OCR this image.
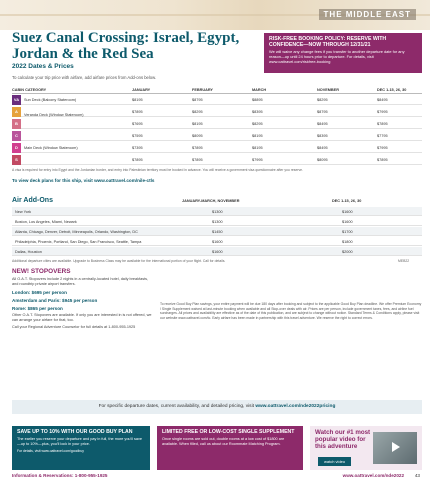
THE MIDDLE EAST
Suez Canal Crossing: Israel, Egypt, Jordan & the Red Sea
2022 Dates & Prices
To calculate your trip price with airfare, add airfare prices from Add-ons below.
RISK-FREE BOOKING POLICY: RESERVE WITH CONFIDENCE—NOW THROUGH 12/31/21
We will waive any change fees if you transfer to another departure date for any reason—up until 24 hours prior to departure. For details, visit www.oattravel.com/riskfree-booking
CABIN CATEGORY	JANUARY	FEBRUARY	MARCH	NOVEMBER	DEC 1-15, 26, 30
VA	Sun Deck (Balcony Stateroom)	$8195	$8795	$8895	$8295	$8495
A	$7895	$8295	$8395	$8795	$7995
B	$7695	$8195	$8295	$8495	$7895
Veranda Deck (Window Stateroom)
C	$7595	$8095	$8195	$8395	$7795
D	Main Deck (Window Stateroom)	$7395	$7895	$8195	$8495	$7995
S	$7895	$7895	$7995	$8095	$7895
A visa is required for entry into Egypt and the Jordanian border, and entry into Palestinian territory must be booked in advance. You will receive a government visa questionnaire after you reserve.
To view deck plans for this ship, visit www.oattravel.com/nile-ctls
Air Add-Ons	JANUARY-MARCH, NOVEMBER	DEC 1-15, 26, 30
New York	$1300	$1600
Boston, Los Angeles, Miami, Newark	$1300	$1600
Atlanta, Chicago, Denver, Detroit, Minneapolis, Orlando, Washington, DC	$1450	$1700
Philadelphia, Phoenix, Portland, San Diego, San Francisco, Seattle, Tampa	$1600	$1800
Dallas, Houston	$1600	$2000
Additional departure cities are available. Upgrade to Business Class may be available for the international portion of your flight. Call for details.	MEB22
NEW! STOPOVERS
All O.A.T. Stopovers include 2 nights in a centrally-located hotel, daily breakfasts, and roundtrip private airport transfers.
London: $695 per person
Amsterdam and Paris: $945 per person
Rome: $865 per person
Other O.A.T. Stopovers are available. If only you are interested in is not offered, we can arrange your airfare for that, too.
Call your Regional Adventure Counselor for full details at 1-800-955-1925
To receive Good Buy Plan savings, your entire payment will be due 180 days after booking and subject to the applicable Good Buy Plan deadline. We offer Premium Economy / Single Supplement waived at last-minute booking when available and all Stop-over deals with air. Prices are per person, include government taxes, fees, and airline fuel surcharges. All prices and availability are effective as of the date of this publication, and are subject to change without notice. Standard Terms & Conditions apply, please visit our website www.oattravel.com/tc. Early airfare has been made in partnership with this travel adventure. We reserve the right to correct errors.
For specific departure dates, current availability, and detailed pricing, visit www.oattravel.com/nde2022pricing
SAVE UP TO 10% WITH OUR GOOD BUY PLAN
The earlier you reserve your departure and pay in full, the more you'll save—up to 10%—plus, you'll lock in your price.
For details, visit www.oattravel.com/goodbuy
LIMITED FREE OR LOW-COST SINGLE SUPPLEMENT
Once single rooms are sold out, double rooms at a low cost of $1800 are available. When filled, call us about our Roommate Matching Program.
Watch our #1 most popular video for this adventure
watch video
Information & Reservations: 1-800-955-1925	www.oattravel.com/nde2022 43
